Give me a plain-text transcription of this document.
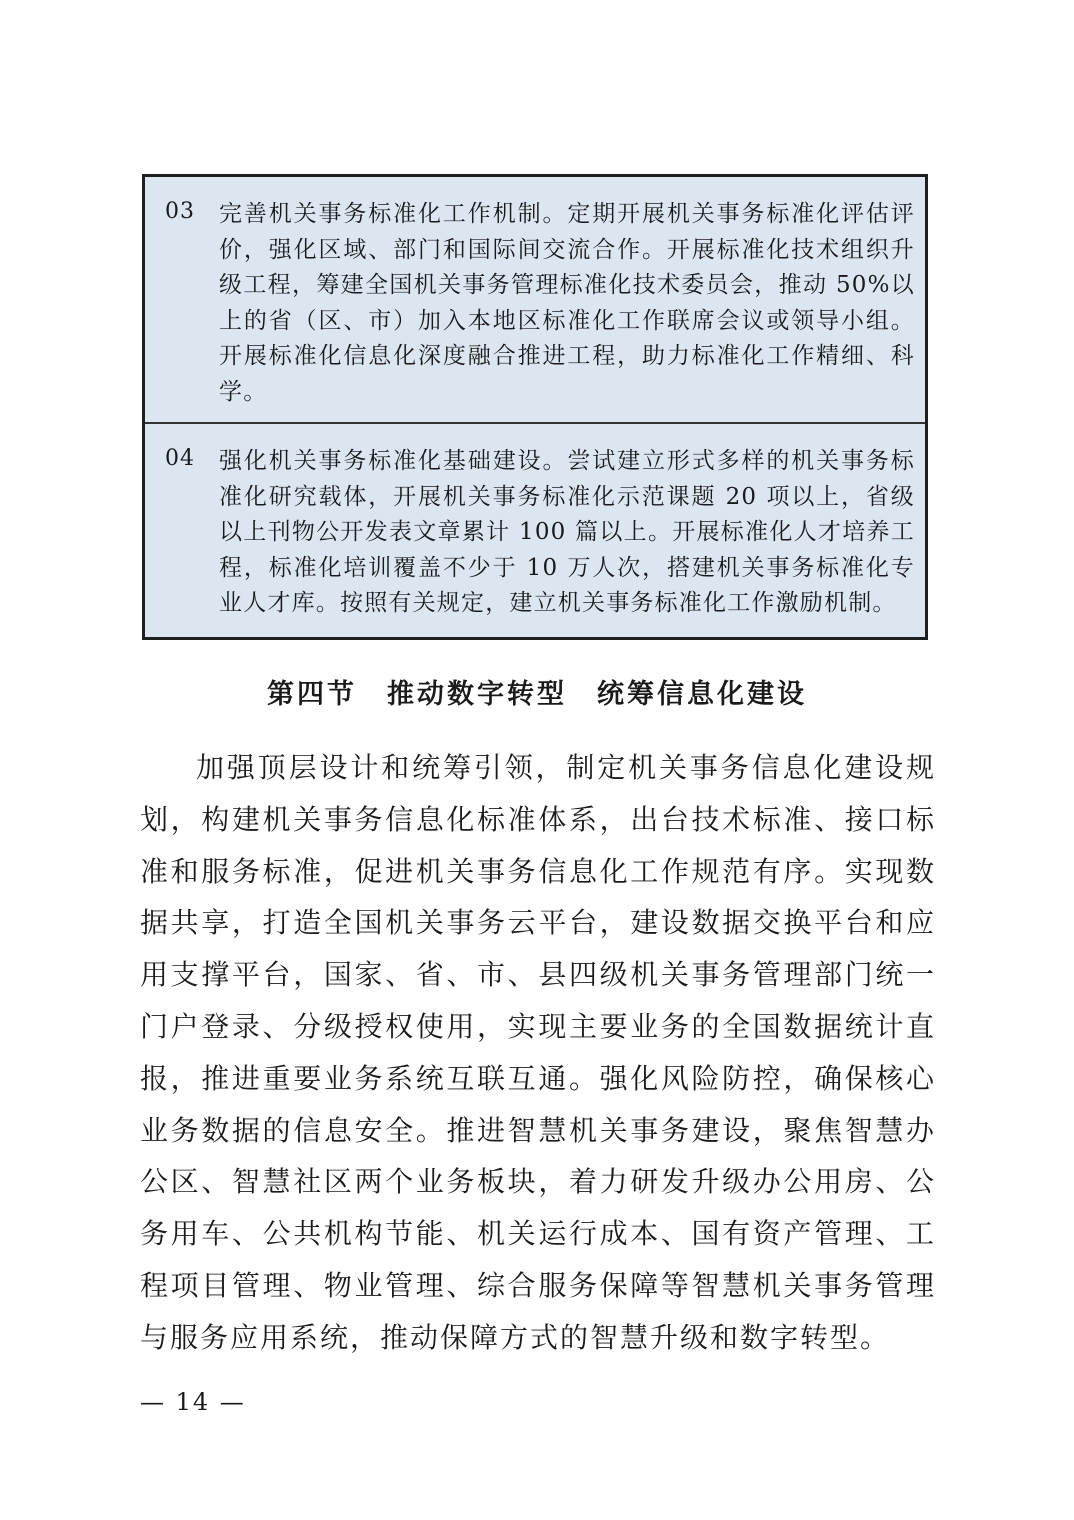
03 完善机关事务标准化工作机制。定期开展机关事务标准化评估评价，强化区域、部门和国际间交流合作。开展标准化技术组织升级工程，筹建全国机关事务管理标准化技术委员会，推动 50%以上的省（区、市）加入本地区标准化工作联席会议或领导小组。开展标准化信息化深度融合推进工程，助力标准化工作精细、科学。
04 强化机关事务标准化基础建设。尝试建立形式多样的机关事务标准化研究载体，开展机关事务标准化示范课题 20 项以上，省级以上刊物公开发表文章累计 100 篇以上。开展标准化人才培养工程，标准化培训覆盖不少于 10 万人次，搭建机关事务标准化专业人才库。按照有关规定，建立机关事务标准化工作激励机制。
第四节　推动数字转型　统筹信息化建设

加强顶层设计和统筹引领，制定机关事务信息化建设规划，构建机关事务信息化标准体系，出台技术标准、接口标准和服务标准，促进机关事务信息化工作规范有序。实现数据共享，打造全国机关事务云平台，建设数据交换平台和应用支撑平台，国家、省、市、县四级机关事务管理部门统一门户登录、分级授权使用，实现主要业务的全国数据统计直报，推进重要业务系统互联互通。强化风险防控，确保核心业务数据的信息安全。推进智慧机关事务建设，聚焦智慧办公区、智慧社区两个业务板块，着力研发升级办公用房、公务用车、公共机构节能、机关运行成本、国有资产管理、工程项目管理、物业管理、综合服务保障等智慧机关事务管理与服务应用系统，推动保障方式的智慧升级和数字转型。

— 14 —
